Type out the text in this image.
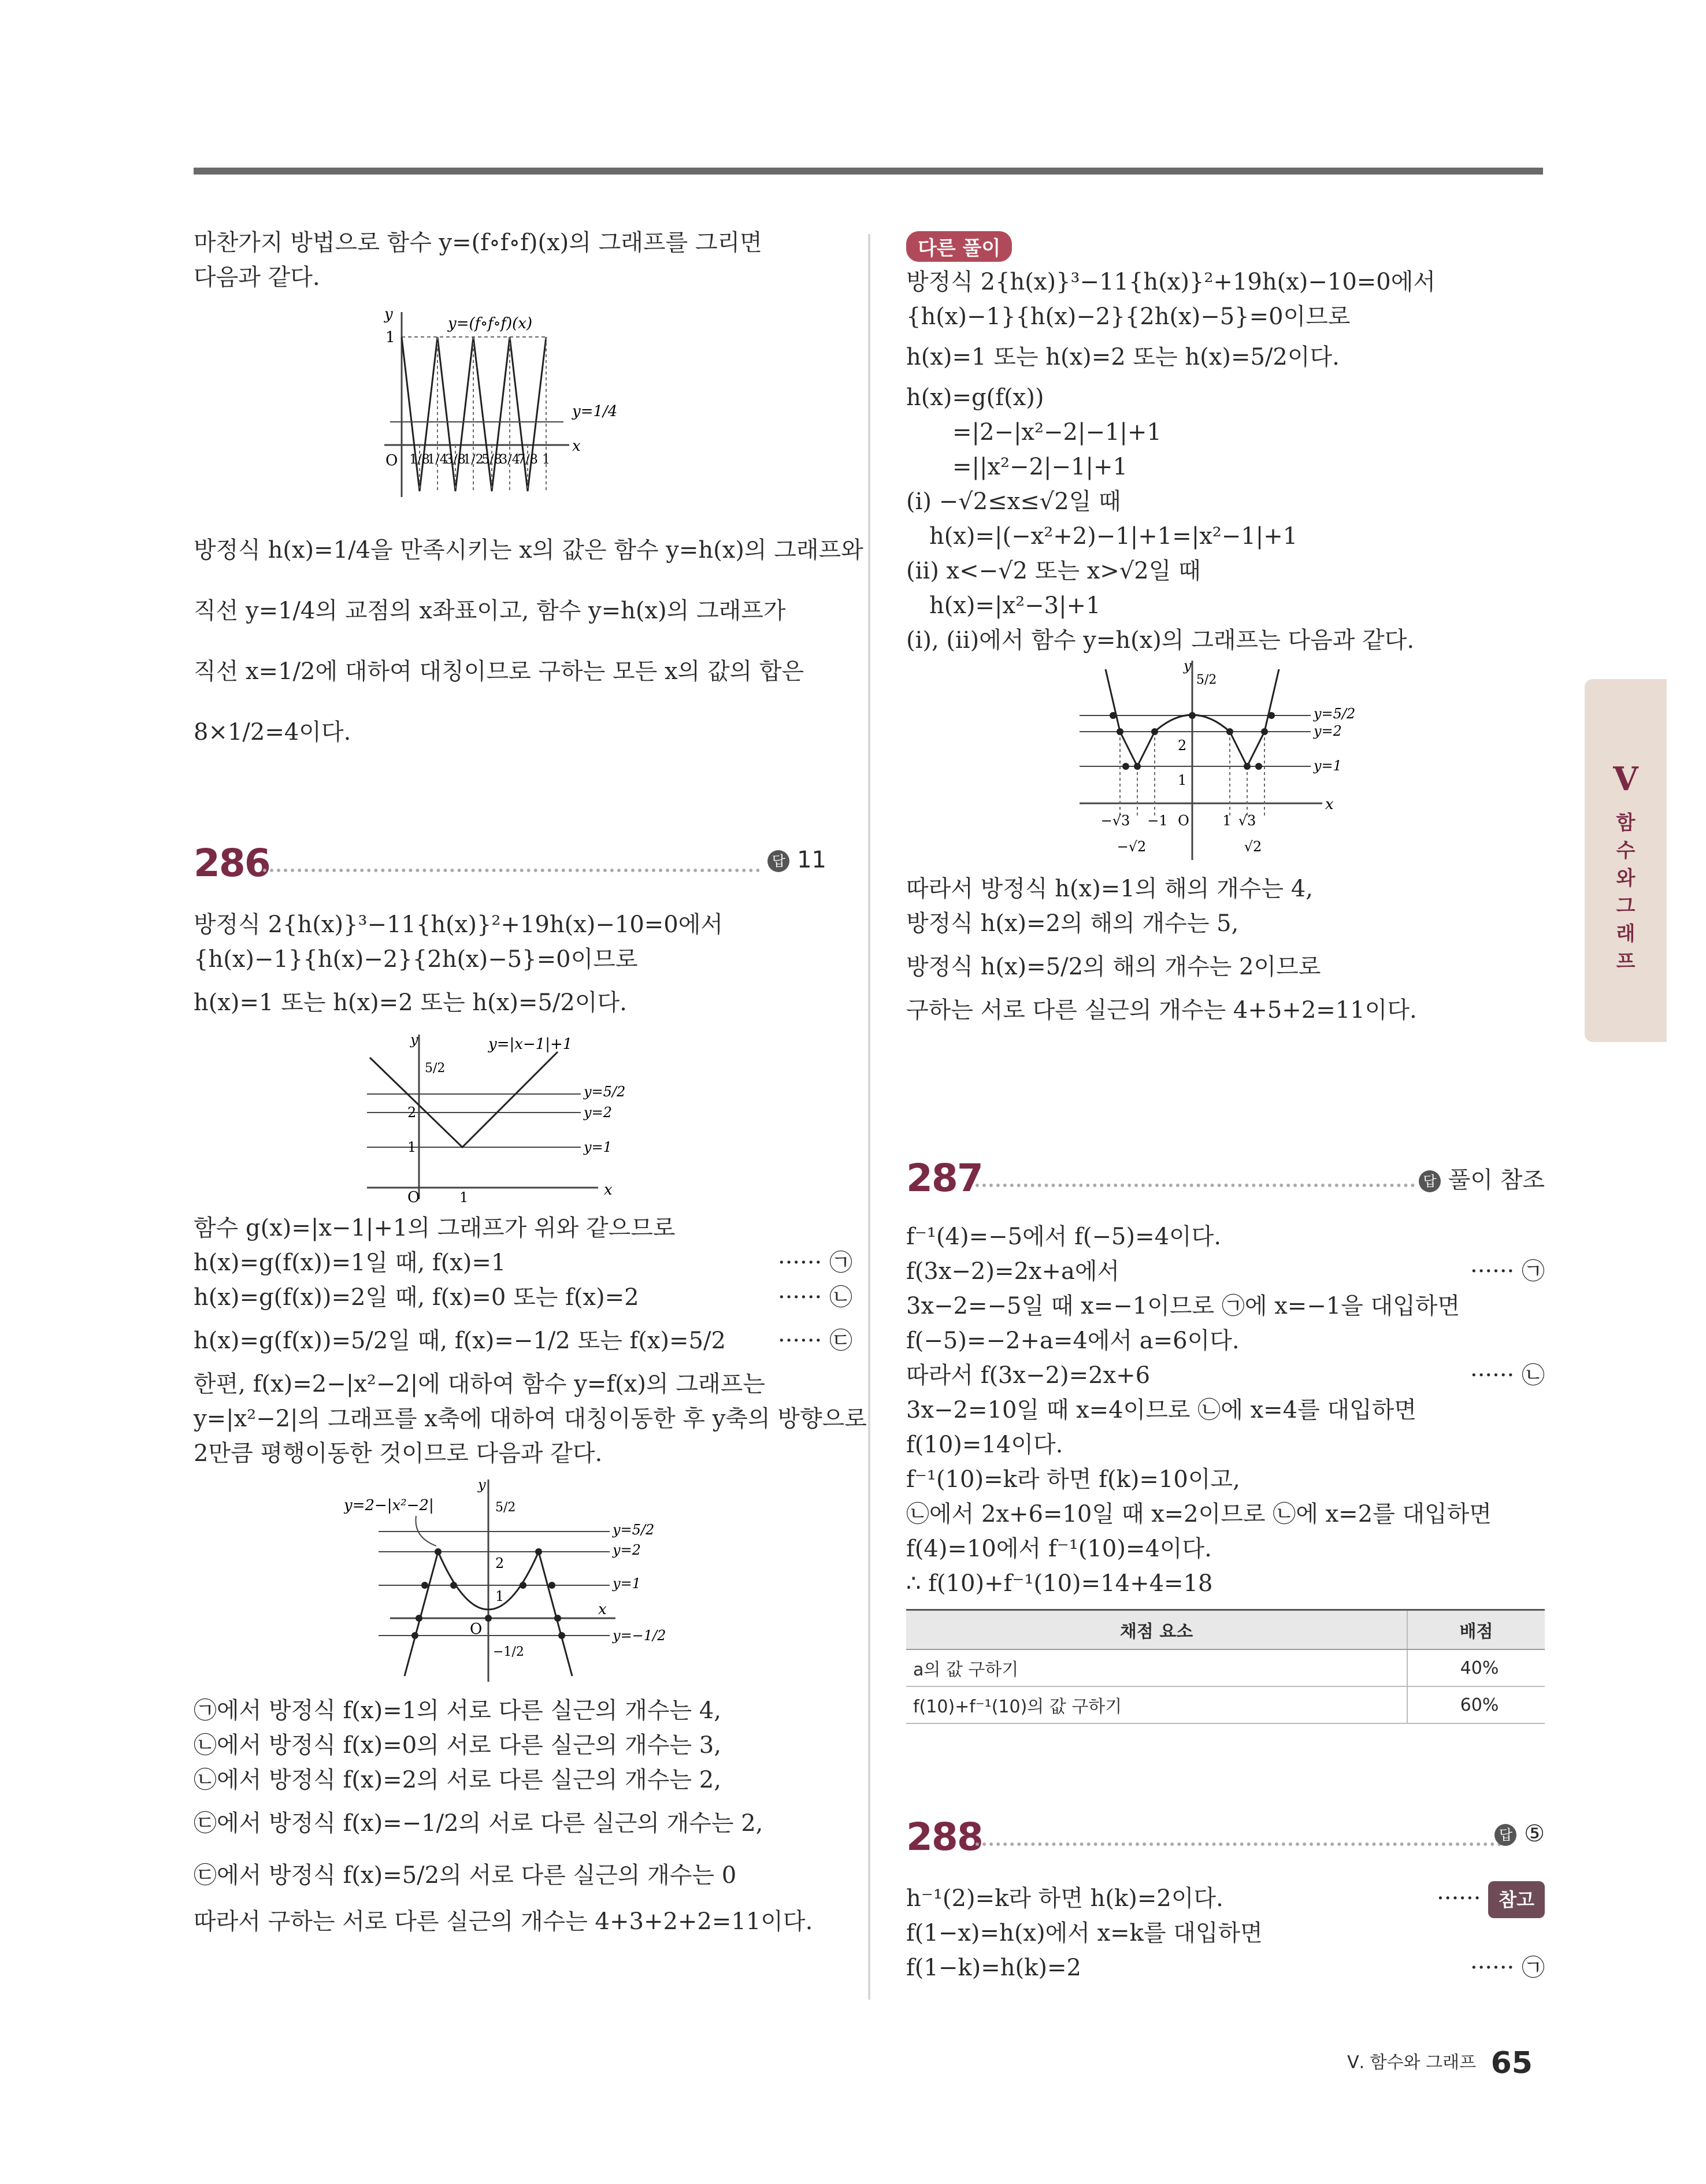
마찬가지 방법으로 함수 y=(f∘f∘f)(x)의 그래프를 그리면
다음과 같다.
y
x
1
O
y=(f∘f∘f)(x)
y=1/4
1/8
1/4
3/8
1/2
5/8
3/4
7/8 1
방정식 h(x)=1/4을 만족시키는 x의 값은 함수 y=h(x)의 그래프와
직선 y=1/4의 교점의 x좌표이고, 함수 y=h(x)의 그래프가
직선 x=1/2에 대하여 대칭이므로 구하는 모든 x의 값의 합은
8×1/2=4이다.
286	답 11
방정식 2{h(x)}³−11{h(x)}²+19h(x)−10=0에서
{h(x)−1}{h(x)−2}{2h(x)−5}=0이므로
h(x)=1 또는 h(x)=2 또는 h(x)=5/2이다.
y
x
y=|x−1|+1
5/2
2
1
1
O
y=5/2
y=2
y=1
함수 g(x)=|x−1|+1의 그래프가 위와 같으므로
h(x)=g(f(x))=1일 때, f(x)=1	······ ㉠
h(x)=g(f(x))=2일 때, f(x)=0 또는 f(x)=2	······ ㉡
h(x)=g(f(x))=5/2일 때, f(x)=−1/2 또는 f(x)=5/2 ······ ㉢
한편, f(x)=2−|x²−2|에 대하여 함수 y=f(x)의 그래프는
y=|x²−2|의 그래프를 x축에 대하여 대칭이동한 후 y축의 방향으로
2만큼 평행이동한 것이므로 다음과 같다.
y
x
y=2−|x²−2|	5/2
2
1
−1/2
O
y=5/2
y=2
y=1
y=−1/2
㉠에서 방정식 f(x)=1의 서로 다른 실근의 개수는 4,
㉡에서 방정식 f(x)=0의 서로 다른 실근의 개수는 3,
㉡에서 방정식 f(x)=2의 서로 다른 실근의 개수는 2,
㉢에서 방정식 f(x)=−1/2의 서로 다른 실근의 개수는 2,
㉢에서 방정식 f(x)=5/2의 서로 다른 실근의 개수는 0
따라서 구하는 서로 다른 실근의 개수는 4+3+2+2=11이다.
다른 풀이
방정식 2{h(x)}³−11{h(x)}²+19h(x)−10=0에서
{h(x)−1}{h(x)−2}{2h(x)−5}=0이므로
h(x)=1 또는 h(x)=2 또는 h(x)=5/2이다.
h(x)=g(f(x))
　　=|2−|x²−2|−1|+1
　　=||x²−2|−1|+1
(ⅰ) −√2≤x≤√2일 때
　h(x)=|(−x²+2)−1|+1=|x²−1|+1
(ⅱ) x<−√2 또는 x>√2일 때
　h(x)=|x²−3|+1
(ⅰ), (ⅱ)에서 함수 y=h(x)의 그래프는 다음과 같다.
y
x
5/2
2
1
−√3 −1 O 1 √3
−√2	√2
y=5/2
y=2
y=1
따라서 방정식 h(x)=1의 해의 개수는 4,
방정식 h(x)=2의 해의 개수는 5,
방정식 h(x)=5/2의 해의 개수는 2이므로
구하는 서로 다른 실근의 개수는 4+5+2=11이다.
287	답 풀이 참조
f⁻¹(4)=−5에서 f(−5)=4이다.
f(3x−2)=2x+a에서	······ ㉠
3x−2=−5일 때 x=−1이므로 ㉠에 x=−1을 대입하면
f(−5)=−2+a=4에서 a=6이다.
따라서 f(3x−2)=2x+6	······ ㉡
3x−2=10일 때 x=4이므로 ㉡에 x=4를 대입하면
f(10)=14이다.
f⁻¹(10)=k라 하면 f(k)=10이고,
㉡에서 2x+6=10일 때 x=2이므로 ㉡에 x=2를 대입하면
f(4)=10에서 f⁻¹(10)=4이다.
∴ f(10)+f⁻¹(10)=14+4=18
채점 요소	배점
a의 값 구하기	40%
f(10)+f⁻¹(10)의 값 구하기	60%
288	답 ⑤
h⁻¹(2)=k라 하면 h(k)=2이다.	······ 참고
f(1−x)=h(x)에서 x=k를 대입하면
f(1−k)=h(k)=2	······ ㉠
V
함
수
와
그
래
프
Ⅴ. 함수와 그래프 65
